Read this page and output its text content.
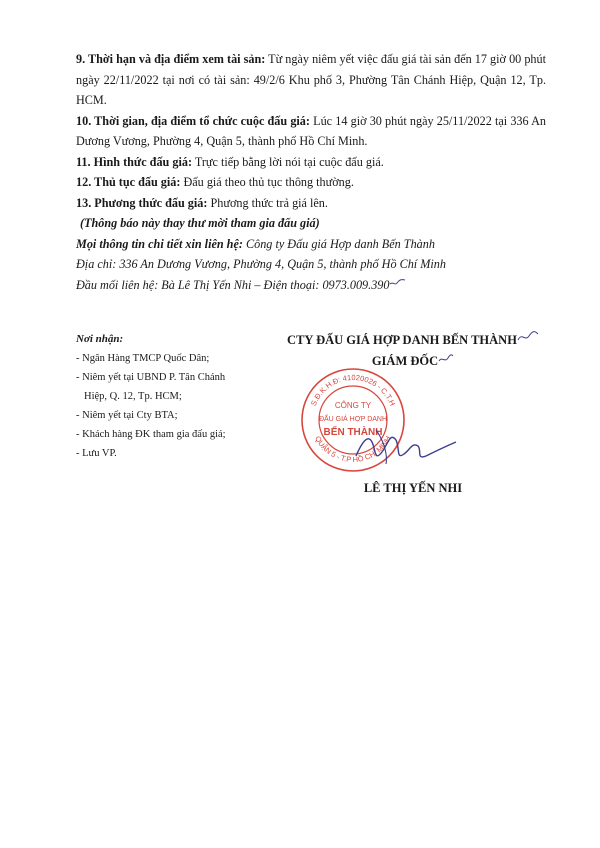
9. Thời hạn và địa điểm xem tài sản: Từ ngày niêm yết việc đấu giá tài sản đến 17 giờ 00 phút ngày 22/11/2022 tại nơi có tài sản: 49/2/6 Khu phố 3, Phường Tân Chánh Hiệp, Quận 12, Tp. HCM.

10. Thời gian, địa điểm tổ chức cuộc đấu giá: Lúc 14 giờ 30 phút ngày 25/11/2022 tại 336 An Dương Vương, Phường 4, Quận 5, thành phố Hồ Chí Minh.

11. Hình thức đấu giá: Trực tiếp bằng lời nói tại cuộc đấu giá.

12. Thủ tục đấu giá: Đấu giá theo thủ tục thông thường.

13. Phương thức đấu giá: Phương thức trả giá lên.

(Thông báo này thay thư mời tham gia đấu giá)

Mọi thông tin chi tiết xin liên hệ: Công ty Đấu giá Hợp danh Bến Thành

Địa chỉ: 336 An Dương Vương, Phường 4, Quận 5, thành phố Hồ Chí Minh

Đầu mối liên hệ: Bà Lê Thị Yến Nhi – Điện thoại: 0973.009.390

Nơi nhận:

- Ngân Hàng TMCP Quốc Dân;

- Niêm yết tại UBND P. Tân Chánh

Hiệp, Q. 12, Tp. HCM;

- Niêm yết tại Cty BTA;

- Khách hàng ĐK tham gia đấu giá;

- Lưu VP.

CTY ĐẤU GIÁ HỢP DANH BẾN THÀNH
GIÁM ĐỐC
LÊ THỊ YẾN NHI
S.Đ.K.H.Đ: 41020026 - C.T.H
QUẬN 5 - T.P HỒ CHÍ MINH
CÔNG TY
ĐẤU GIÁ HỢP DANH
BẾN THÀNH
